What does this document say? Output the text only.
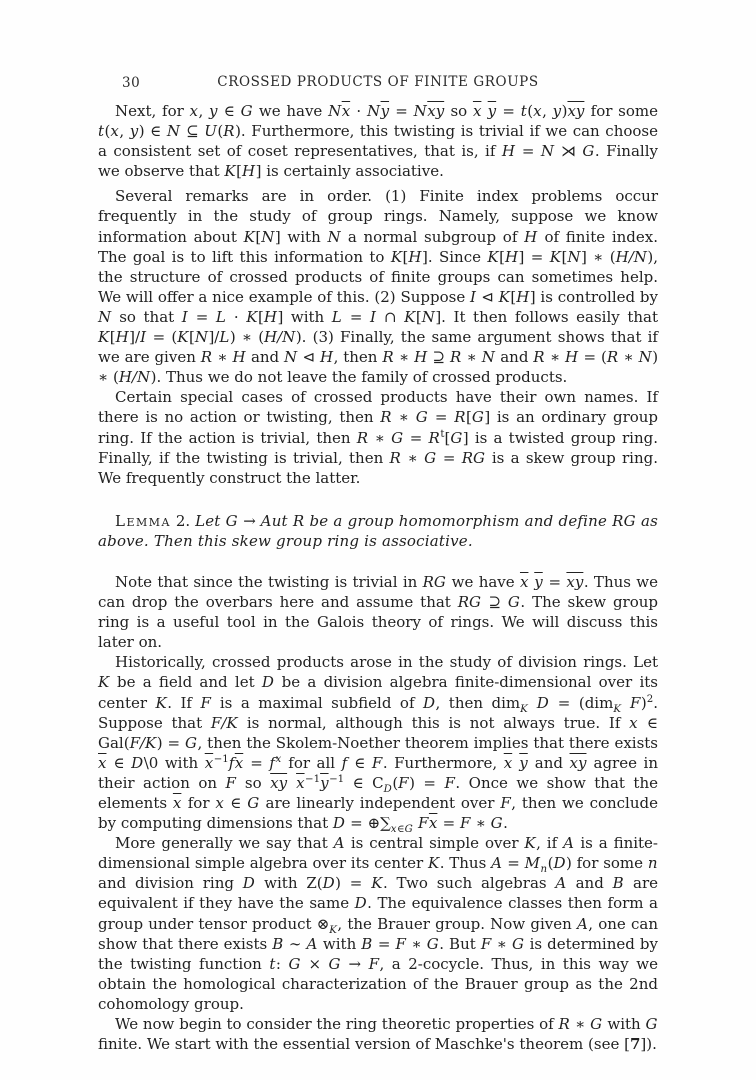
30	CROSSED PRODUCTS OF FINITE GROUPS

Next, for x, y ∈ G we have $N\overline{x} \cdot N\overline{y} = N\overline{xy}$ so $\overline{x}$ $\overline{y} = t(x$, $y)\overline{xy}$ for some t(x, y) ∈ N ⊆ U(R). Furthermore, this twisting is trivial if we can choose a consistent set of coset representatives, that is, if H = N ⋊ G. Finally we observe that K[H] is certainly associative.

Several remarks are in order. (1) Finite index problems occur frequently in the study of group rings. Namely, suppose we know information about K[N] with N a normal subgroup of H of finite index. The goal is to lift this information to K[H]. Since K[H] = K[N] ∗ (H/N), the structure of crossed products of finite groups can sometimes help. We will offer a nice example of this. (2) Suppose I ⊲ K[H] is controlled by N so that I = L · K[H] with L = I ∩ K[N]. It then follows easily that K[H]/I = (K[N]/L) ∗ (H/N). (3) Finally, the same argument shows that if we are given R ∗ H and N ⊲ H, then R ∗ H ⊇ R ∗ N and R ∗ H = (R ∗ N) ∗ (H/N). Thus we do not leave the family of crossed products.

Certain special cases of crossed products have their own names. If there is no action or twisting, then R ∗ G = R[G] is an ordinary group ring. If the action is trivial, then R ∗ $G = R^t[G]$ is a twisted group ring. Finally, if the twisting is trivial, then R ∗ G = RG is a skew group ring. We frequently construct the latter.

Lemma 2. Let G → Aut R be a group homomorphism and define RG as above. Then this skew group ring is associative.

Note that since the twisting is trivial in RG we have $\overline{x}$ $\overline{y} = \overline{xy}$. Thus we can drop the overbars here and assume that RG ⊇ G. The skew group ring is a useful tool in the Galois theory of rings. We will discuss this later on.

Historically, crossed products arose in the study of division rings. Let K be a field and let D be a division algebra finite-dimensional over its center K. If F is a maximal subfield of D, then dim$_K$ D = (dim$_K$ F)$^2$. Suppose that F/K is normal, although this is not always true. If x ∈ Gal(F/K) = G, then the Skolem-Noether theorem implies that there exists $\overline{x}$ ∈ D\0 with $\overline{x}^{-1}f\overline{x} = f^x$ for all f ∈ F. Furthermore, $\overline{x}$ $\overline{y}$ and $\overline{xy}$ agree in their action on F so $\overline{xy}$ $\overline{x}^{-1}\overline{y}^{-1}$ ∈ $C_D(F) = F$. Once we show that the elements $\overline{x}$ for x ∈ G are linearly independent over F, then we conclude by computing dimensions that $D = \oplus\sum_{x\in G}$ $F\overline{x} = F$ ∗ G.

More generally we say that A is central simple over K, if A is a finite-dimensional simple algebra over its center K. Thus $A = M_n(D)$ for some n and division ring D with Z(D) = K. Two such algebras A and B are equivalent if they have the same D. The equivalence classes then form a group under tensor product $\otimes_K$, the Brauer group. Now given A, one can show that there exists B ∼ A with B = F ∗ G. But F ∗ G is determined by the twisting function t: G × G → F, a 2-cocycle. Thus, in this way we obtain the homological characterization of the Brauer group as the 2nd cohomology group.

We now begin to consider the ring theoretic properties of R ∗ G with G finite. We start with the essential version of Maschke's theorem (see [7]).
